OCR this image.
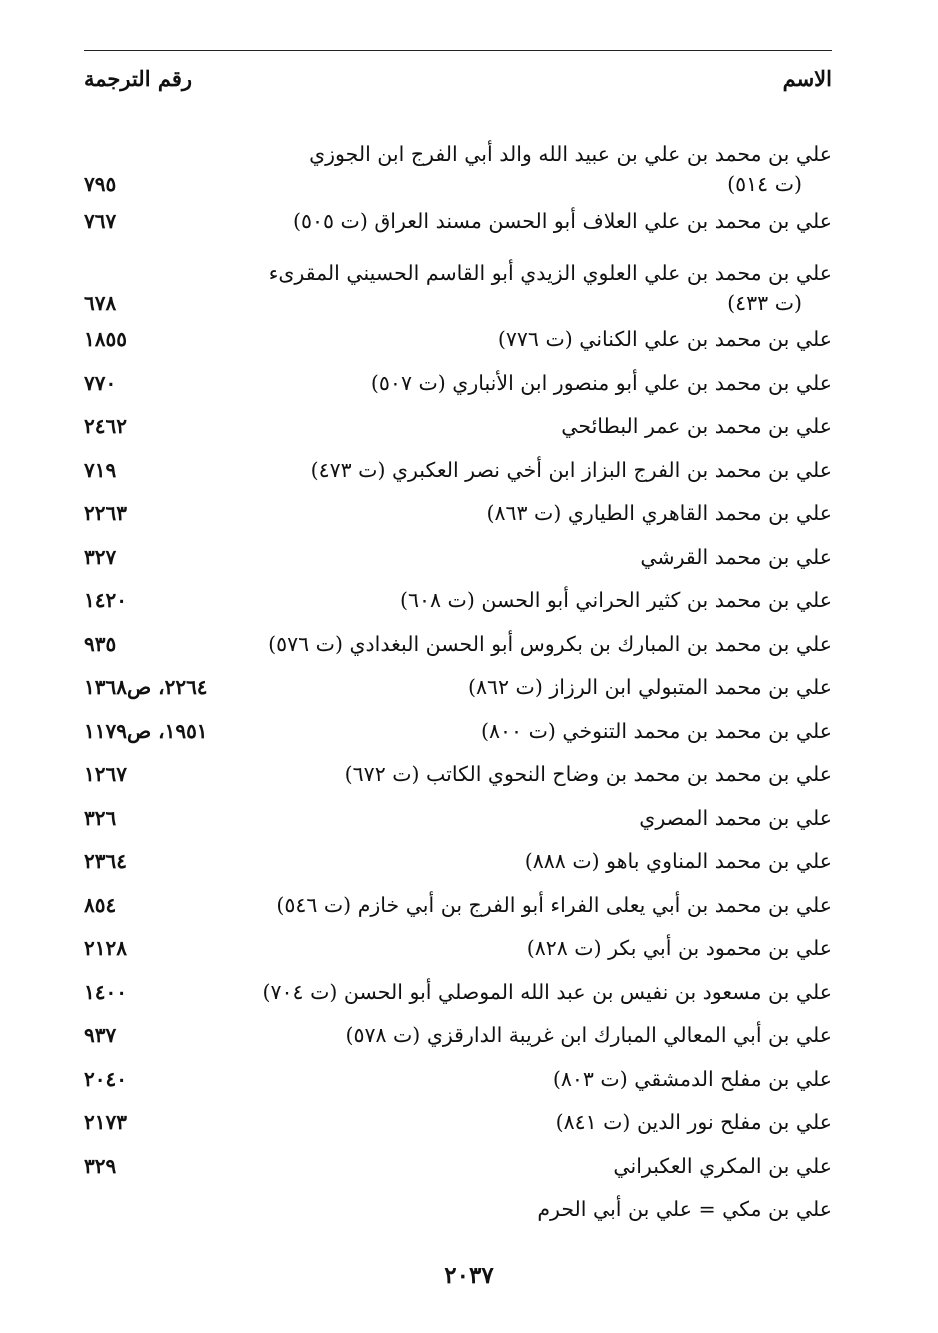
الاسم
رقم الترجمة
علي بن محمد بن علي بن عبيد الله والد أبي الفرج ابن الجوزي
(ت ٥١٤)
٧٩٥
علي بن محمد بن علي العلاف أبو الحسن مسند العراق (ت ٥٠٥)
٧٦٧
علي بن محمد بن علي العلوي الزيدي أبو القاسم الحسيني المقرىء
(ت ٤٣٣)
٦٧٨
علي بن محمد بن علي الكناني (ت ٧٧٦)
١٨٥٥
علي بن محمد بن علي أبو منصور ابن الأنباري (ت ٥٠٧)
٧٧٠
علي بن محمد بن عمر البطائحي
٢٤٦٢
علي بن محمد بن الفرج البزاز ابن أخي نصر العكبري (ت ٤٧٣)
٧١٩
علي بن محمد القاهري الطياري (ت ٨٦٣)
٢٢٦٣
علي بن محمد القرشي
٣٢٧
علي بن محمد بن كثير الحراني أبو الحسن (ت ٦٠٨)
١٤٢٠
علي بن محمد بن المبارك بن بكروس أبو الحسن البغدادي (ت ٥٧٦)
٩٣٥
علي بن محمد المتبولي ابن الرزاز (ت ٨٦٢)
٢٢٦٤، ص١٣٦٨
علي بن محمد بن محمد التنوخي (ت ٨٠٠)
١٩٥١، ص١١٧٩
علي بن محمد بن محمد بن وضاح النحوي الكاتب (ت ٦٧٢)
١٢٦٧
علي بن محمد المصري
٣٢٦
علي بن محمد المناوي باهو (ت ٨٨٨)
٢٣٦٤
علي بن محمد بن أبي يعلى الفراء أبو الفرج بن أبي خازم (ت ٥٤٦)
٨٥٤
علي بن محمود بن أبي بكر (ت ٨٢٨)
٢١٢٨
علي بن مسعود بن نفيس بن عبد الله الموصلي أبو الحسن (ت ٧٠٤)
١٤٠٠
علي بن أبي المعالي المبارك ابن غريبة الدارقزي (ت ٥٧٨)
٩٣٧
علي بن مفلح الدمشقي (ت ٨٠٣)
٢٠٤٠
علي بن مفلح نور الدين (ت ٨٤١)
٢١٧٣
علي بن المكري العكبراني
٣٢٩
علي بن مكي = علي بن أبي الحرم
٢٠٣٧
